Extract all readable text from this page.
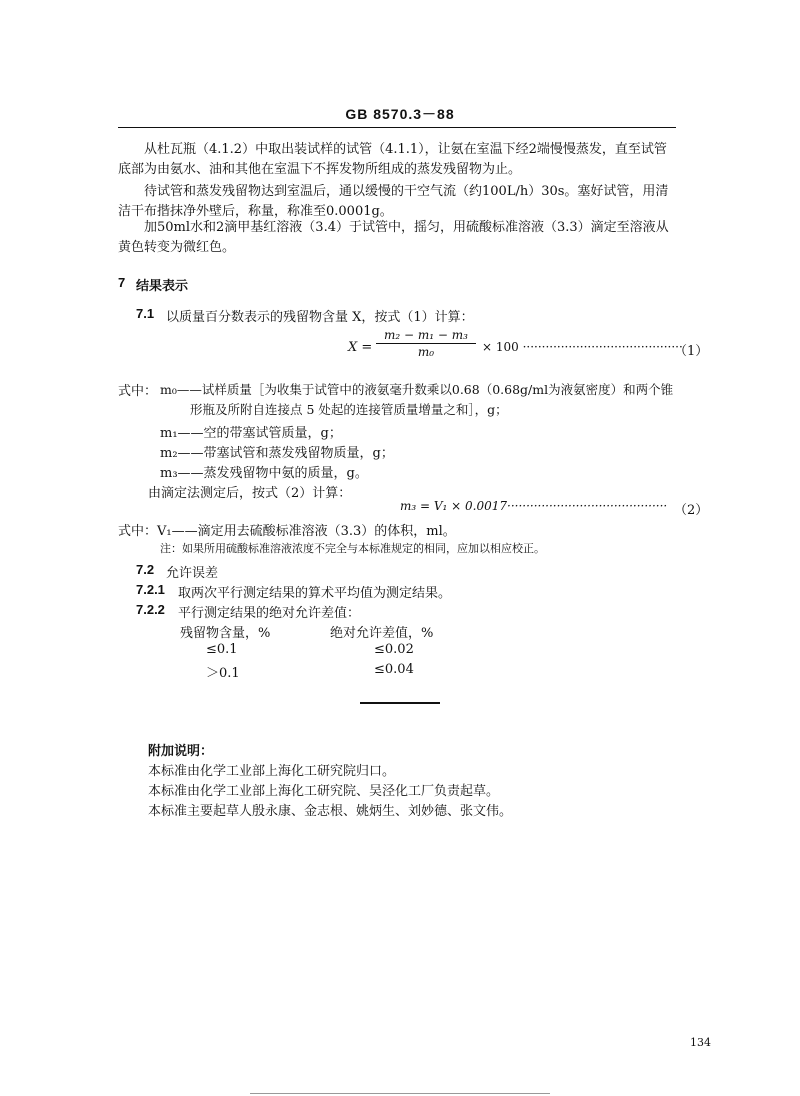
GB 8570.3－88
从杜瓦瓶（4.1.2）中取出装试样的试管（4.1.1），让氨在室温下经2端慢慢蒸发，直至试管底部为由氨水、油和其他在室温下不挥发物所组成的蒸发残留物为止。
待试管和蒸发残留物达到室温后，通以缓慢的干空气流（约100L/h）30s。塞好试管，用清洁干布揩抹净外壁后，称量，称准至0.0001g。
加50ml水和2滴甲基红溶液（3.4）于试管中，摇匀，用硫酸标准溶液（3.3）滴定至溶液从黄色转变为微红色。
7 结果表示
7.1 以质量百分数表示的残留物含量 X，按式（1）计算：
$X = \frac{\text{m₂ − m₁ − m₃}}{\text{m₀}} \times 100$ ··········································
（1）
式中： m₀——试样质量［为收集于试管中的液氨毫升数乘以0.68（0.68g/ml为液氨密度）和两个锥
形瓶及所附自连接点 5 处起的连接管质量增量之和］，g；
m₁——空的带塞试管质量，g；
m₂——带塞试管和蒸发残留物质量，g；
m₃——蒸发残留物中氨的质量，g。
由滴定法测定后，按式（2）计算：
m₃ = V₁ × 0.0017·········································· （2）
式中：V₁——滴定用去硫酸标准溶液（3.3）的体积，ml。
注：如果所用硫酸标准溶液浓度不完全与本标准规定的相同，应加以相应校正。
7.2 允许误差
7.2.1 取两次平行测定结果的算术平均值为测定结果。
7.2.2 平行测定结果的绝对允许差值：
残留物含量，%	绝对允许差值，%
≤0.1	≤0.02
＞0.1	≤0.04
附加说明：
本标准由化学工业部上海化工研究院归口。
本标准由化学工业部上海化工研究院、吴泾化工厂负责起草。
本标准主要起草人殷永康、金志根、姚炳生、刘妙德、张文伟。
134
